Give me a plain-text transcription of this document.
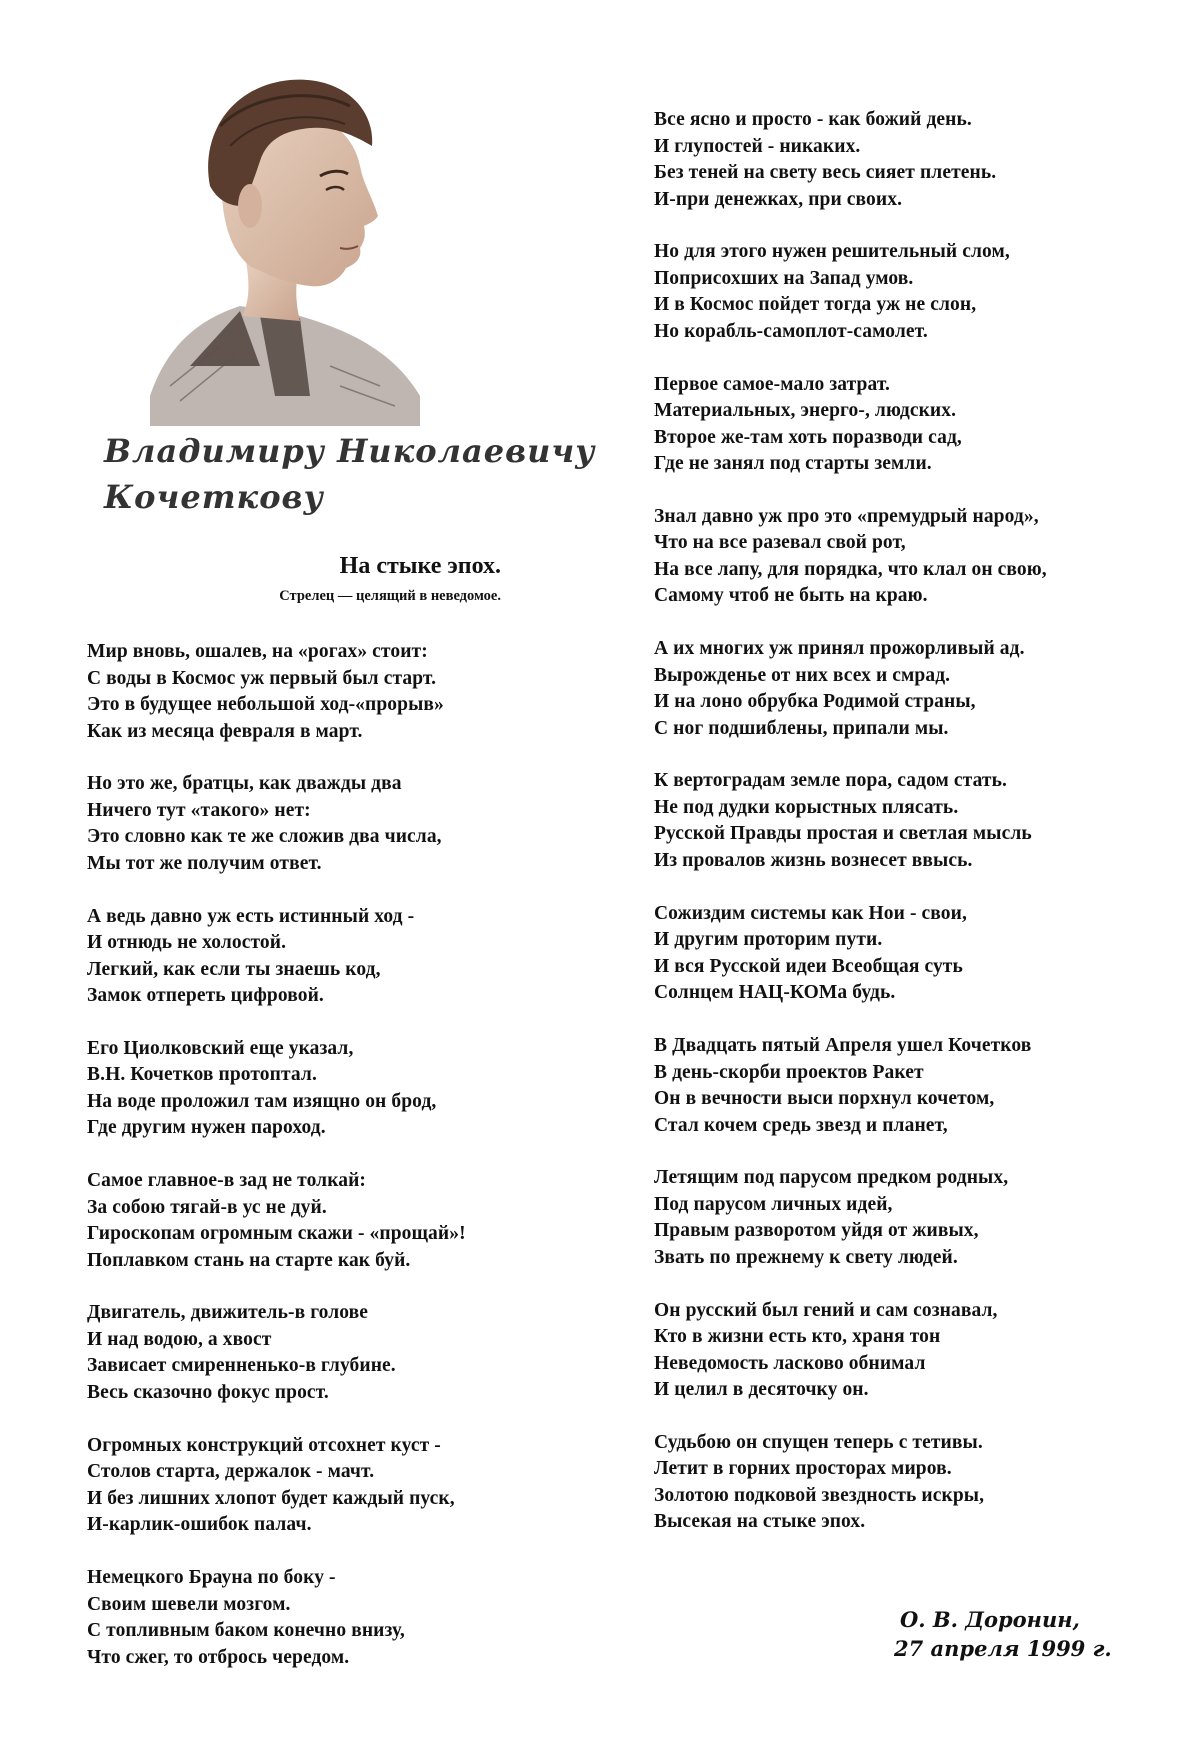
Владимиру Николаевичу
Кочеткову
На стыке эпох.
Стрелец — целящий в неведомое.
Мир вновь, ошалев, на «рогах» стоит:
С воды в Космос уж первый был старт.
Это в будущее небольшой ход-«прорыв»
Как из месяца февраля в март.
Но это же, братцы, как дважды два
Ничего тут «такого» нет:
Это словно как те же сложив два числа,
Мы тот же получим ответ.
А ведь давно уж есть истинный ход -
И отнюдь не холостой.
Легкий, как если ты знаешь код,
Замок отпереть цифровой.
Его Циолковский еще указал,
В.Н. Кочетков протоптал.
На воде проложил там изящно он брод,
Где другим нужен пароход.
Самое главное-в зад не толкай:
За собою тягай-в ус не дуй.
Гироскопам огромным скажи - «прощай»!
Поплавком стань на старте как буй.
Двигатель, движитель-в голове
И над водою, а хвост
Зависает смиренненько-в глубине.
Весь сказочно фокус прост.
Огромных конструкций отсохнет куст -
Столов старта, держалок - мачт.
И без лишних хлопот будет каждый пуск,
И-карлик-ошибок палач.
Немецкого Брауна по боку -
Своим шевели мозгом.
С топливным баком конечно внизу,
Что сжег, то отбрось чередом.
Все ясно и просто - как божий день.
И глупостей - никаких.
Без теней на свету весь сияет плетень.
И-при денежках, при своих.
Но для этого нужен решительный слом,
Поприсохших на Запад умов.
И в Космос пойдет тогда уж не слон,
Но корабль-самоплот-самолет.
Первое самое-мало затрат.
Материальных, энерго-, людских.
Второе же-там хоть поразводи сад,
Где не занял под старты земли.
Знал давно уж про это «премудрый народ»,
Что на все разевал свой рот,
На все лапу, для порядка, что клал он свою,
Самому чтоб не быть на краю.
А их многих уж принял прожорливый ад.
Вырожденье от них всех и смрад.
И на лоно обрубка Родимой страны,
С ног подшиблены, припали мы.
К вертоградам земле пора, садом стать.
Не под дудки корыстных плясать.
Русской Правды простая и светлая мысль
Из провалов жизнь вознесет ввысь.
Сожиздим системы как Нои - свои,
И другим проторим пути.
И вся Русской идеи Всеобщая суть
Солнцем НАЦ-КОМа будь.
В Двадцать пятый Апреля ушел Кочетков
В день-скорби проектов Ракет
Он в вечности выси порхнул кочетом,
Стал кочем средь звезд и планет,
Летящим под парусом предком родных,
Под парусом личных идей,
Правым разворотом уйдя от живых,
Звать по прежнему к свету людей.
Он русский был гений и сам сознавал,
Кто в жизни есть кто, храня тон
Неведомость ласково обнимал
И целил в десяточку он.
Судьбою он спущен теперь с тетивы.
Летит в горних просторах миров.
Золотою подковой звездность искры,
Высекая на стыке эпох.
О. В. Доронин,
27 апреля 1999 г.
